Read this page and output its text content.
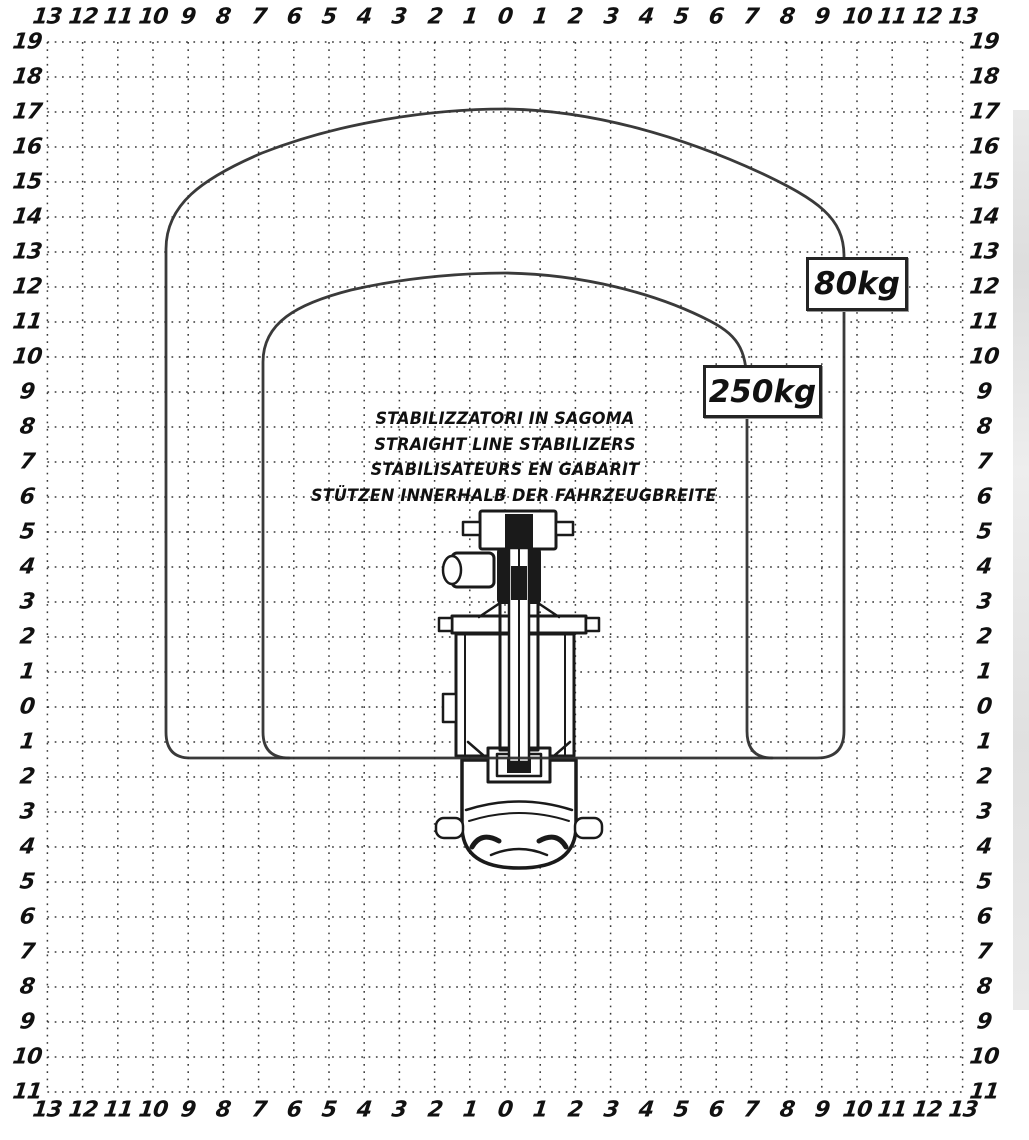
80kg
250kg
STABILIZZATORI IN SAGOMA
STRAIGHT LINE STABILIZERS
STABILISATEURS EN GABARIT
STÜTZEN INNERHALB DER FAHRZEUGBREITE
13 12 11 10 9 8 7 6 5 4 3 2 1 0 1 2 3 4 5 6 7 8 9 10 11 12 13
13 12 11 10 9 8 7 6 5 4 3 2 1 0 1 2 3 4 5 6 7 8 9 10 11 12 13
19
18
17
16
15
14
13
12
11
10
9
8
7
6
5
4
3
2
1
0
1
2
3
4
5
6
7
8
9
10
11
19
18
17
16
15
14
13
12
11
10
9
8
7
6
5
4
3
2
1
0
1
2
3
4
5
6
7
8
9
10
11
